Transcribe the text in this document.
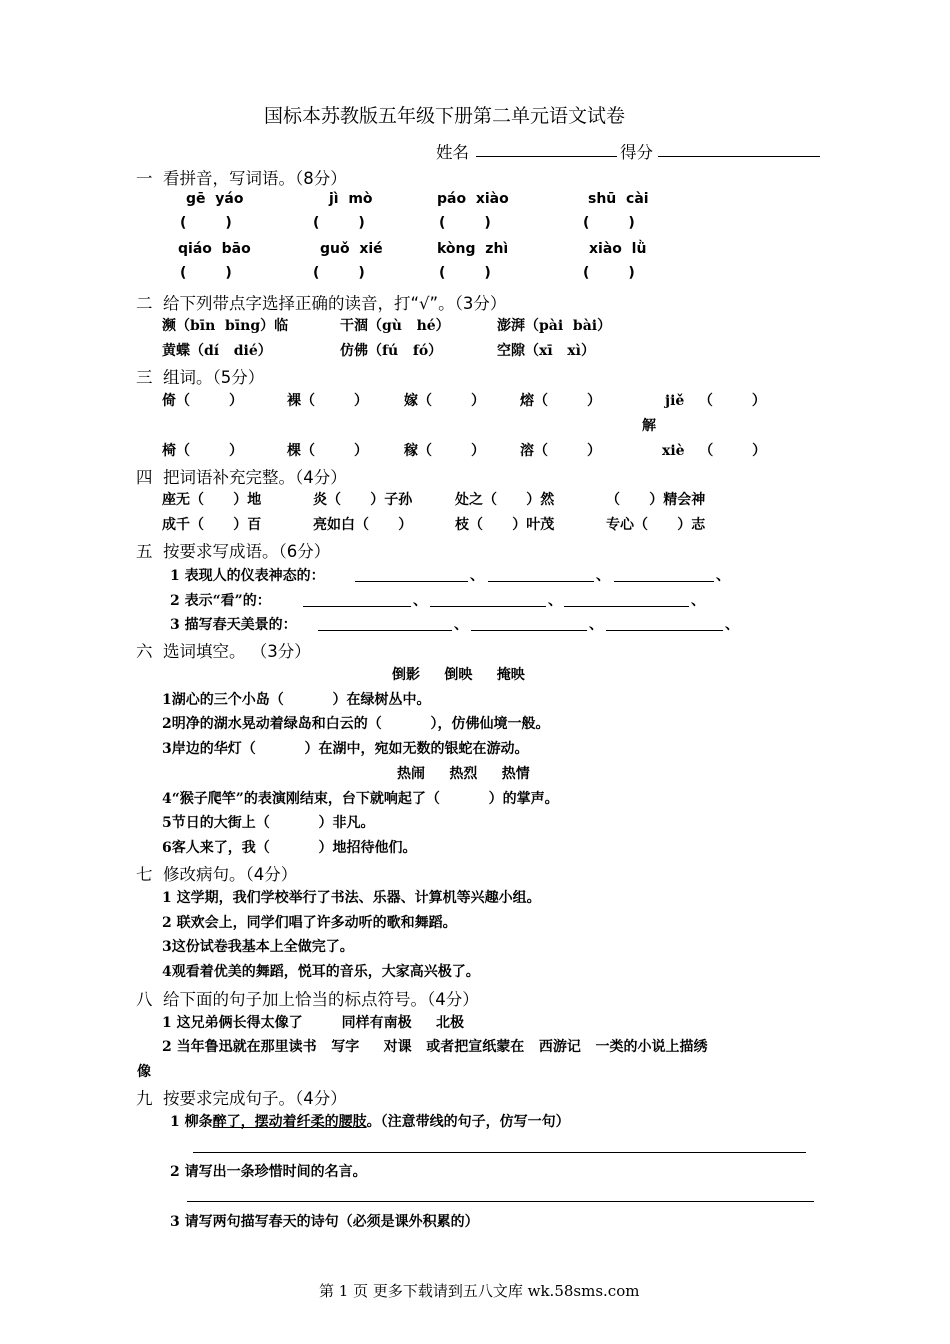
国标本苏教版五年级下册第二单元语文试卷
姓名	得分
一  看拼音，写词语。（8分）
gē  yáo	jì  mò	páo  xiào	shū  cài
(        )	(        )	(        )	(        )
qiáo  bāo	guǒ  xié	kòng  zhì	xiào  lǜ
(        )	(        )	(        )	(        )
二  给下列带点字选择正确的读音，打“√”。（3分）
濒（bīn  bīng）临	干涸（gù   hé）	澎湃（pài  bài）
黄蝶（dí   dié）	仿佛（fú   fó）	空隙（xī   xì）
三  组词。（5分）
倚（        ）	裸（        ）	嫁（        ）	熔（        ）	jiě   （        ）
解
椅（        ）	棵（        ）	稼（        ）	溶（        ）	xiè   （        ）
四  把词语补充完整。（4分）
座无（      ）地	炎（      ）子孙	处之（      ）然	（      ）精会神
成千（      ）百	亮如白（      ）	枝（      ）叶茂	专心（      ）志
五  按要求写成语。（6分）
1 表现人的仪表神态的：	、	、	、
2 表示“看”的：	、	、	、
3 描写春天美景的：	、	、	、
六  选词填空。 （3分）
倒影     倒映     掩映
1湖心的三个小岛（          ）在绿树丛中。
2明净的湖水晃动着绿岛和白云的（          ），仿佛仙境一般。
3岸边的华灯（          ）在湖中，宛如无数的银蛇在游动。
热闹     热烈     热情
4“猴子爬竿”的表演刚结束，台下就响起了（          ）的掌声。
5节日的大街上（          ）非凡。
6客人来了，我（          ）地招待他们。
七  修改病句。（4分）
1 这学期，我们学校举行了书法、乐器、计算机等兴趣小组。
2 联欢会上，同学们唱了许多动听的歌和舞蹈。
3这份试卷我基本上全做完了。
4观看着优美的舞蹈，悦耳的音乐，大家高兴极了。
八  给下面的句子加上恰当的标点符号。（4分）
1 这兄弟俩长得太像了        同样有南极     北极
2 当年鲁迅就在那里读书   写字     对课   或者把宣纸蒙在   西游记   一类的小说上描绣
像
九  按要求完成句子。（4分）
1 柳条醉了，摆动着纤柔的腰肢。（注意带线的句子，仿写一句）
2 请写出一条珍惜时间的名言。
3 请写两句描写春天的诗句（必须是课外积累的）
第 1 页 更多下载请到五八文库 wk.58sms.com
